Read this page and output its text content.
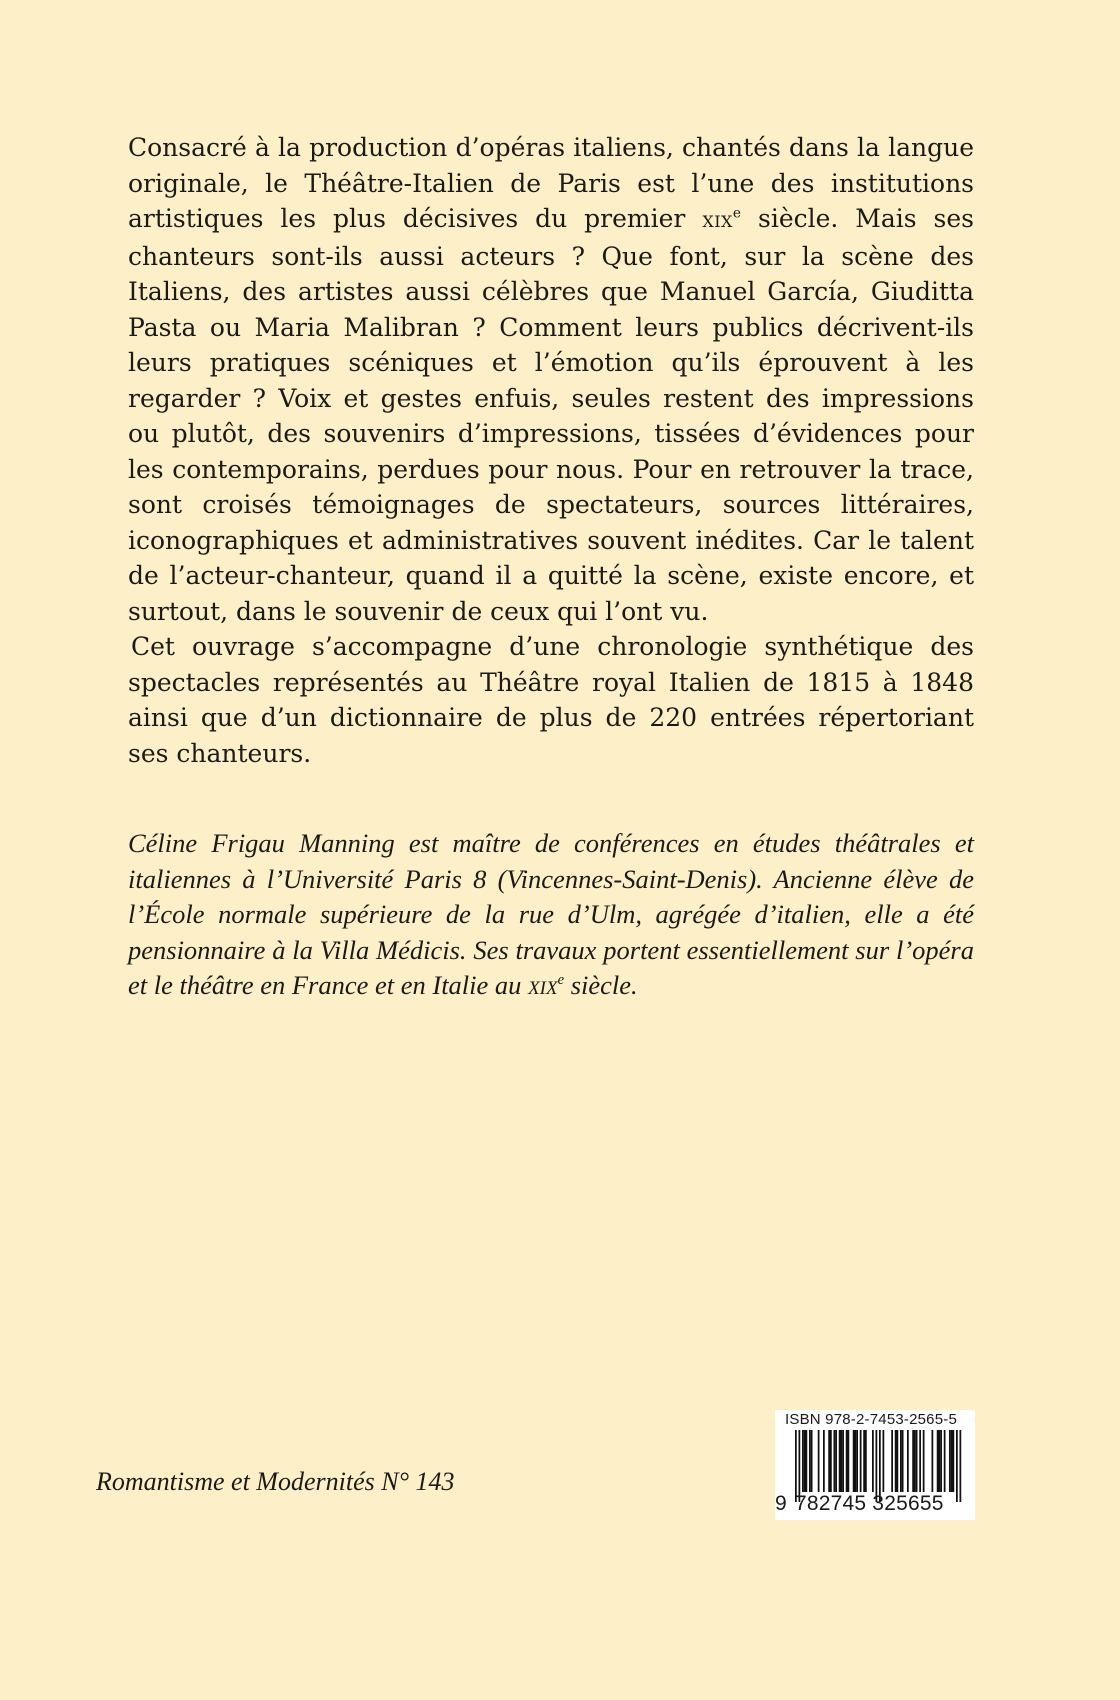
Consacré à la production d’opéras italiens, chantés dans la langue originale, le Théâtre-Italien de Paris est l’une des institutions artistiques les plus décisives du premier xix$^e$ siècle. Mais ses chanteurs sont-ils aussi acteurs ? Que font, sur la scène des Italiens, des artistes aussi célèbres que Manuel García, Giuditta Pasta ou Maria Malibran ? Comment leurs publics décrivent-ils leurs pratiques scéniques et l’émotion qu’ils éprouvent à les regarder ? Voix et gestes enfuis, seules restent des impressions ou plutôt, des souvenirs d’impressions, tissées d’évidences pour les contemporains, perdues pour nous. Pour en retrouver la trace, sont croisés témoignages de spectateurs, sources littéraires, iconographiques et administratives souvent inédites. Car le talent de l’acteur-chanteur, quand il a quitté la scène, existe encore, et surtout, dans le souvenir de ceux qui l’ont vu.

Cet ouvrage s’accompagne d’une chronologie synthétique des spectacles représentés au Théâtre royal Italien de 1815 à 1848 ainsi que d’un dictionnaire de plus de 220 entrées répertoriant ses chanteurs.

Céline Frigau Manning est maître de conférences en études théâtrales et italiennes à l’Université Paris 8 (Vincennes-Saint-Denis). Ancienne élève de l’École normale supérieure de la rue d’Ulm, agrégée d’italien, elle a été pensionnaire à la Villa Médicis. Ses travaux portent essentiellement sur l’opéra et le théâtre en France et en Italie au xix$^e$ siècle.

Romantisme et Modernités N° 143
ISBN 978-2-7453-2565-5
9 782745 325655
